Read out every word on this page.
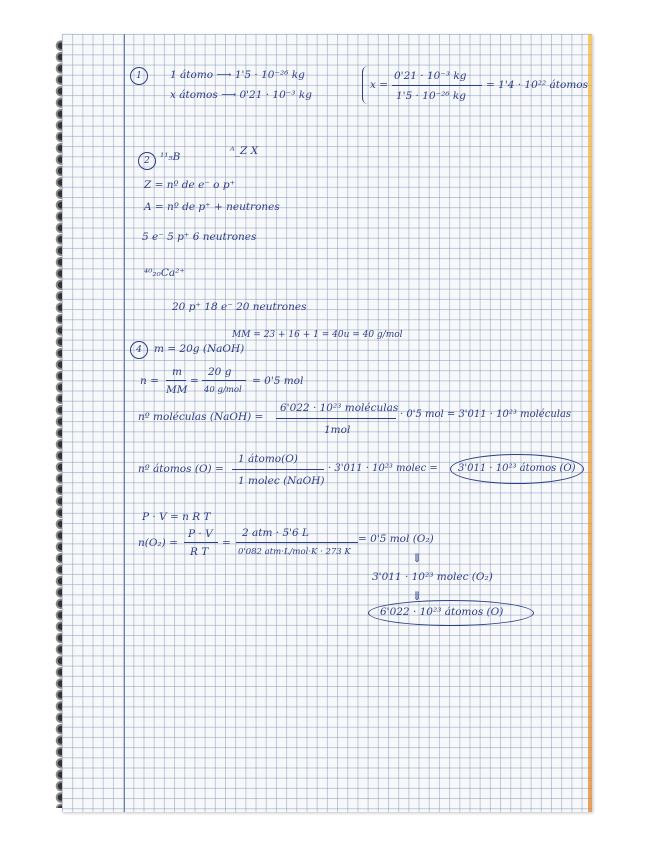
1	1 átomo ⟶ 1'5 · 10⁻²⁶ kg
x átomos ⟶ 0'21 · 10⁻³ kg
x =
0'21 · 10⁻³ kg
1'5 · 10⁻²⁶ kg
= 1'4 · 10²² átomos
2 ¹¹₅B	ᴬ_Z X
Z = nº de e⁻ o p⁺
A = nº de p⁺ + neutrones
5 e⁻ 5 p⁺ 6 neutrones
⁴⁰₂₀Ca²⁺
20 p⁺ 18 e⁻ 20 neutrones
MM = 23 + 16 + 1 = 40u = 40 g/mol
4	m = 20g (NaOH)
n =
m
MM
=
20 g
40 g/mol
= 0'5 mol
nº moléculas (NaOH) =
6'022 · 10²³ moléculas
1mol
· 0'5 mol = 3'011 · 10²³ moléculas
nº átomos (O) =
1 átomo(O)
1 molec (NaOH)
· 3'011 · 10²³ molec = 3'011 · 10²³ átomos (O)
P · V = n R T
n(O₂) =
P · V
R T
=
2 atm · 5'6 L
0'082 atm·L/mol·K · 273 K
= 0'5 mol (O₂)
⇓
3'011 · 10²³ molec (O₂)
⇓
6'022 · 10²³ átomos (O)
